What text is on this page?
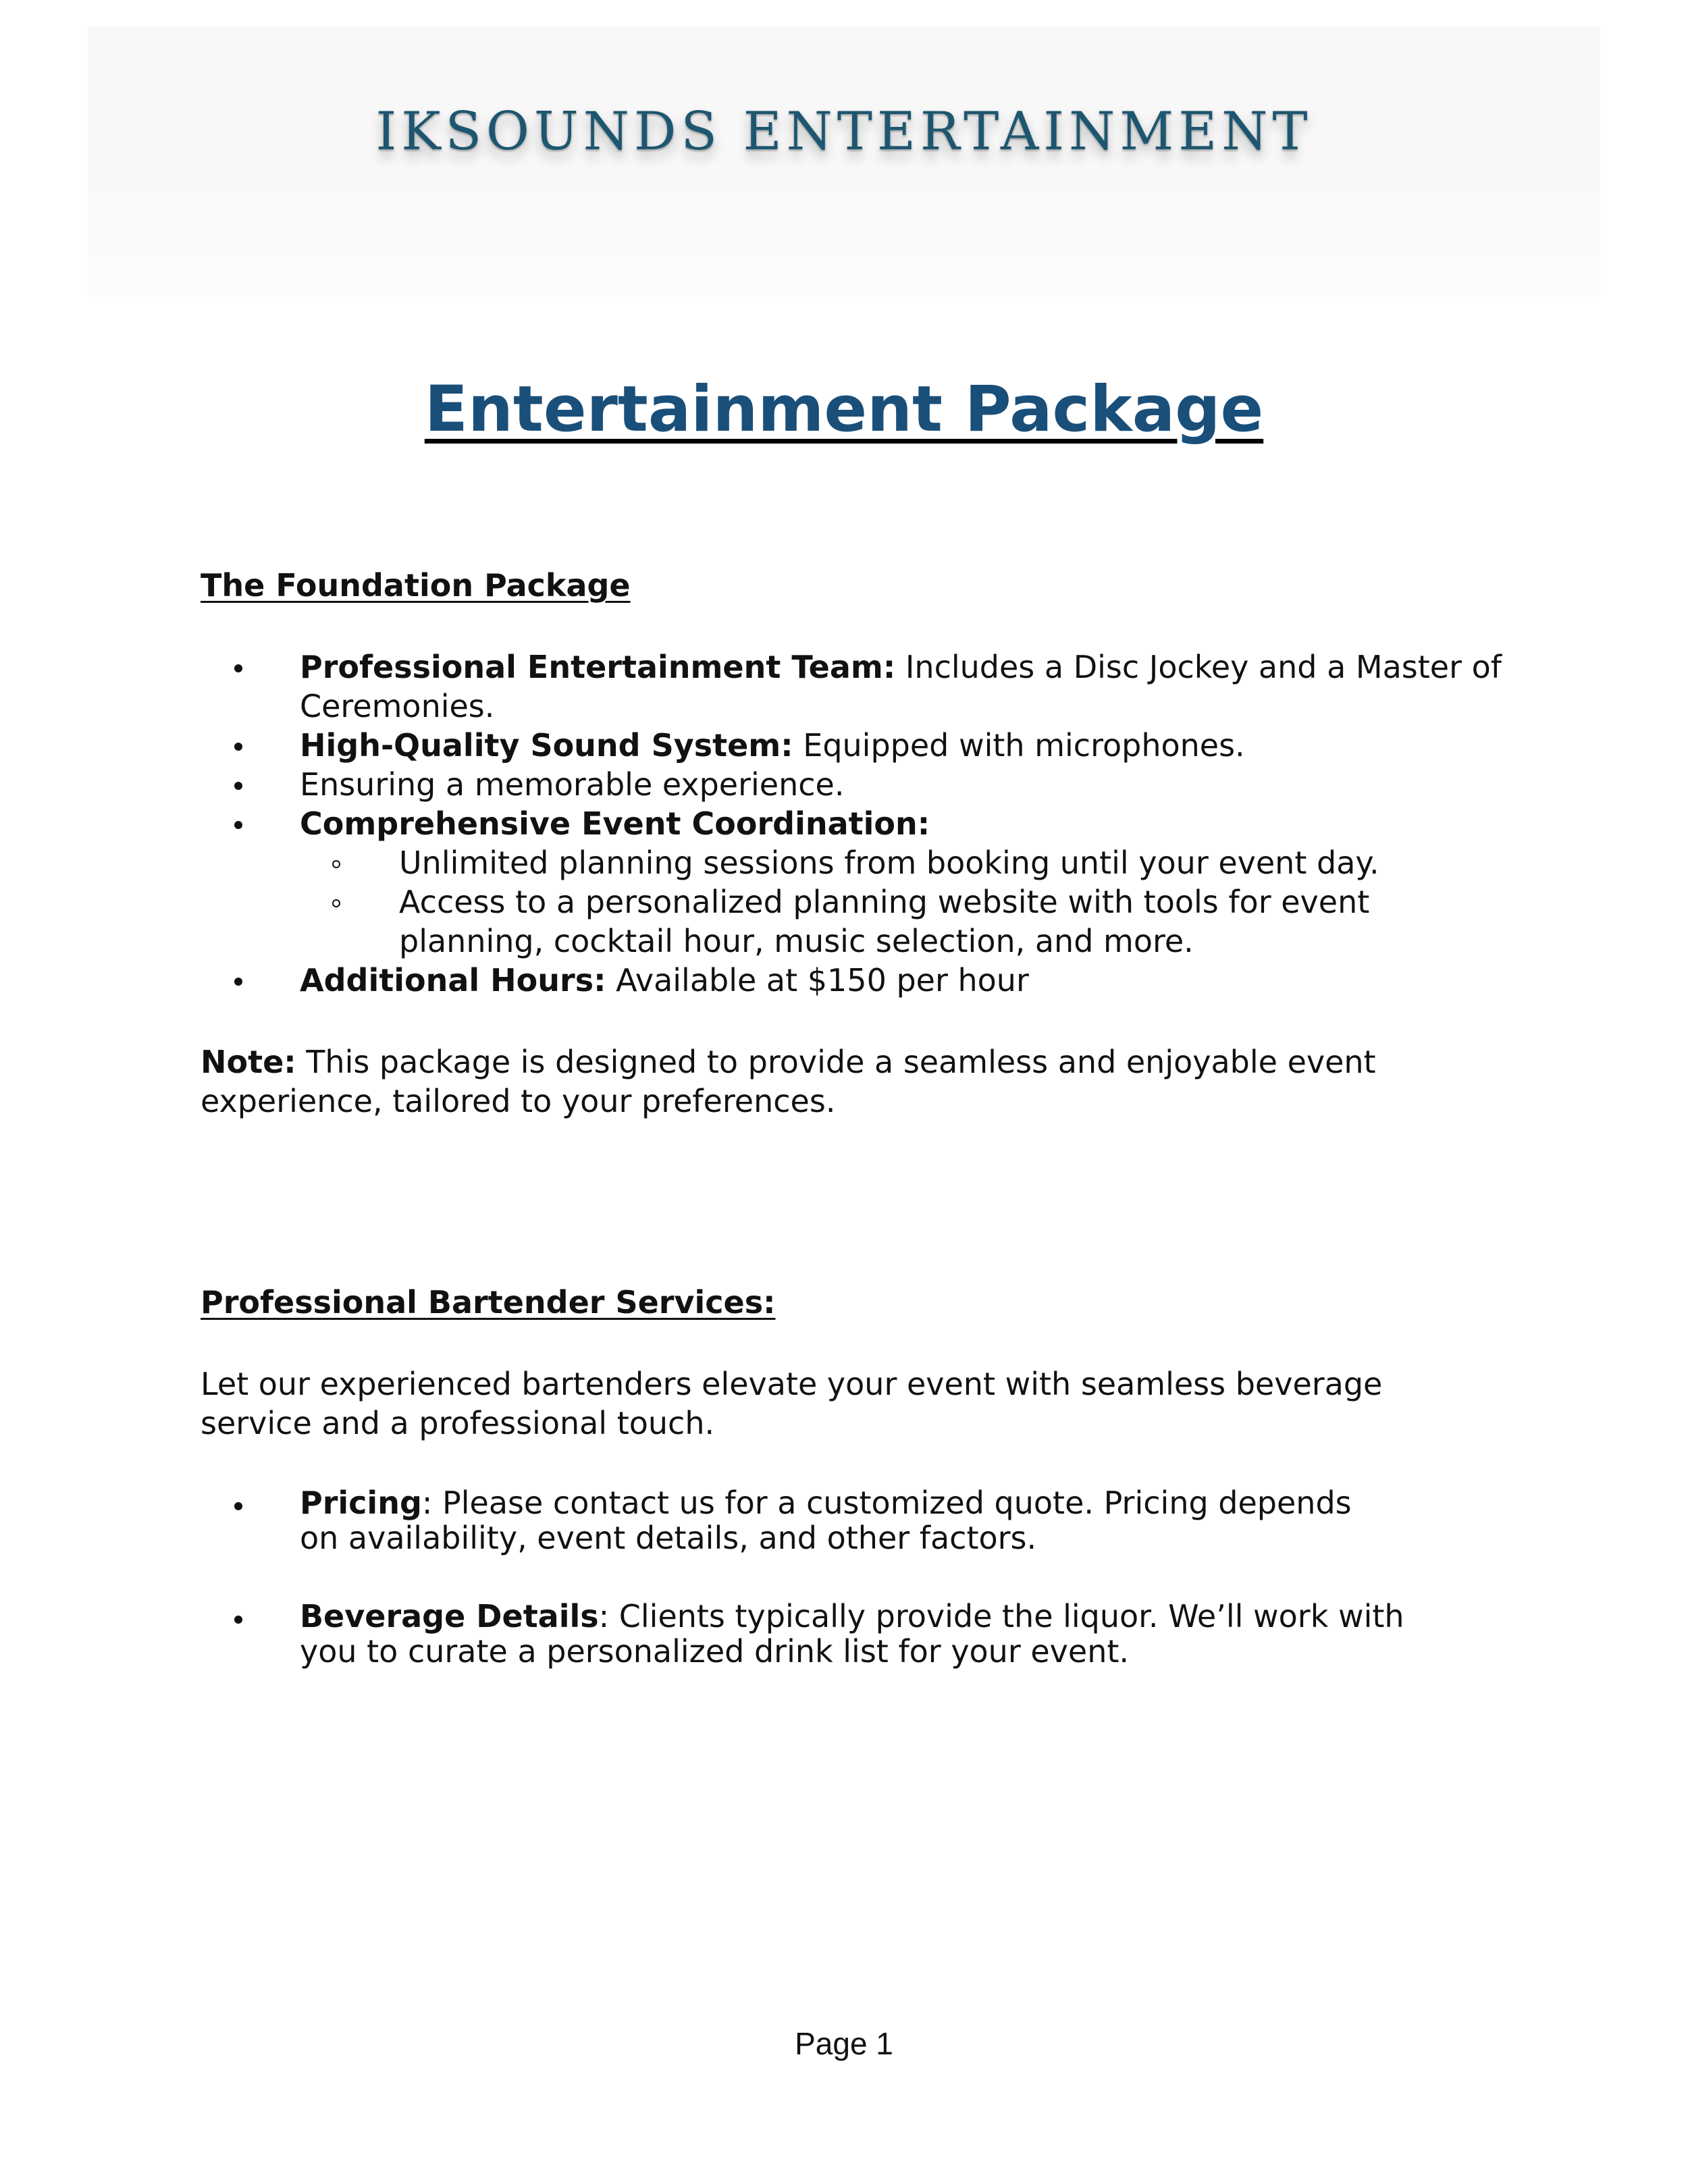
IKSOUNDS ENTERTAINMENT
Entertainment Package
The Foundation Package
Professional Entertainment Team: Includes a Disc Jockey and a Master of Ceremonies.
High-Quality Sound System: Equipped with microphones.
Ensuring a memorable experience.
Comprehensive Event Coordination:
Unlimited planning sessions from booking until your event day.
Access to a personalized planning website with tools for event planning, cocktail hour, music selection, and more.
Additional Hours: Available at $150 per hour
Note: This package is designed to provide a seamless and enjoyable event experience, tailored to your preferences.
Professional Bartender Services:
Let our experienced bartenders elevate your event with seamless beverage service and a professional touch.
Pricing: Please contact us for a customized quote. Pricing depends on availability, event details, and other factors.
Beverage Details: Clients typically provide the liquor. We’ll work with you to curate a personalized drink list for your event.
Page 1
